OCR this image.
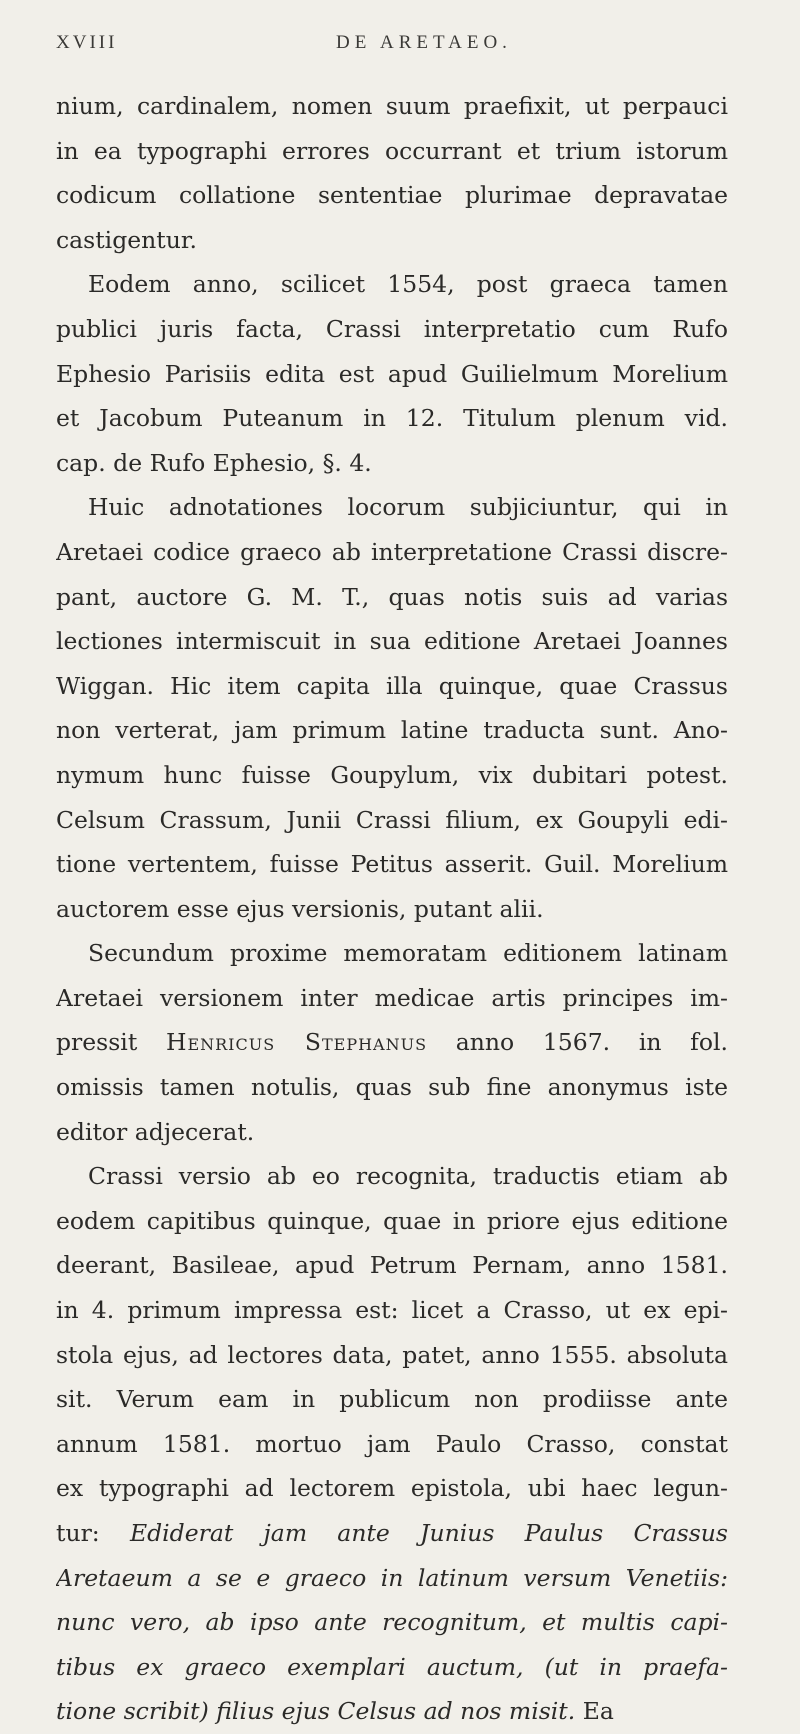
XVIII	DE ARETAEO.
nium, cardinalem, nomen suum praefixit, ut perpauci
in ea typographi errores occurrant et trium istorum
codicum collatione sententiae plurimae depravatae
castigentur.
Eodem anno, scilicet 1554, post graeca tamen
publici juris facta, Crassi interpretatio cum Rufo
Ephesio Parisiis edita est apud Guilielmum Morelium
et Jacobum Puteanum in 12. Titulum plenum vid.
cap. de Rufo Ephesio, §. 4.
Huic adnotationes locorum subjiciuntur, qui in
Aretaei codice graeco ab interpretatione Crassi discre-
pant, auctore G. M. T., quas notis suis ad varias
lectiones intermiscuit in sua editione Aretaei Joannes
Wiggan. Hic item capita illa quinque, quae Crassus
non verterat, jam primum latine traducta sunt. Ano-
nymum hunc fuisse Goupylum, vix dubitari potest.
Celsum Crassum, Junii Crassi filium, ex Goupyli edi-
tione vertentem, fuisse Petitus asserit. Guil. Morelium
auctorem esse ejus versionis, putant alii.
Secundum proxime memoratam editionem latinam
Aretaei versionem inter medicae artis principes im-
pressit Henricus Stephanus anno 1567. in fol.
omissis tamen notulis, quas sub fine anonymus iste
editor adjecerat.
Crassi versio ab eo recognita, traductis etiam ab
eodem capitibus quinque, quae in priore ejus editione
deerant, Basileae, apud Petrum Pernam, anno 1581.
in 4. primum impressa est: licet a Crasso, ut ex epi-
stola ejus, ad lectores data, patet, anno 1555. absoluta
sit. Verum eam in publicum non prodiisse ante
annum 1581. mortuo jam Paulo Crasso, constat
ex typographi ad lectorem epistola, ubi haec legun-
tur: Ediderat jam ante Junius Paulus Crassus
Aretaeum a se e graeco in latinum versum Venetiis:
nunc vero, ab ipso ante recognitum, et multis capi-
tibus ex graeco exemplari auctum, (ut in praefa-
tione scribit) filius ejus Celsus ad nos misit. Ea
